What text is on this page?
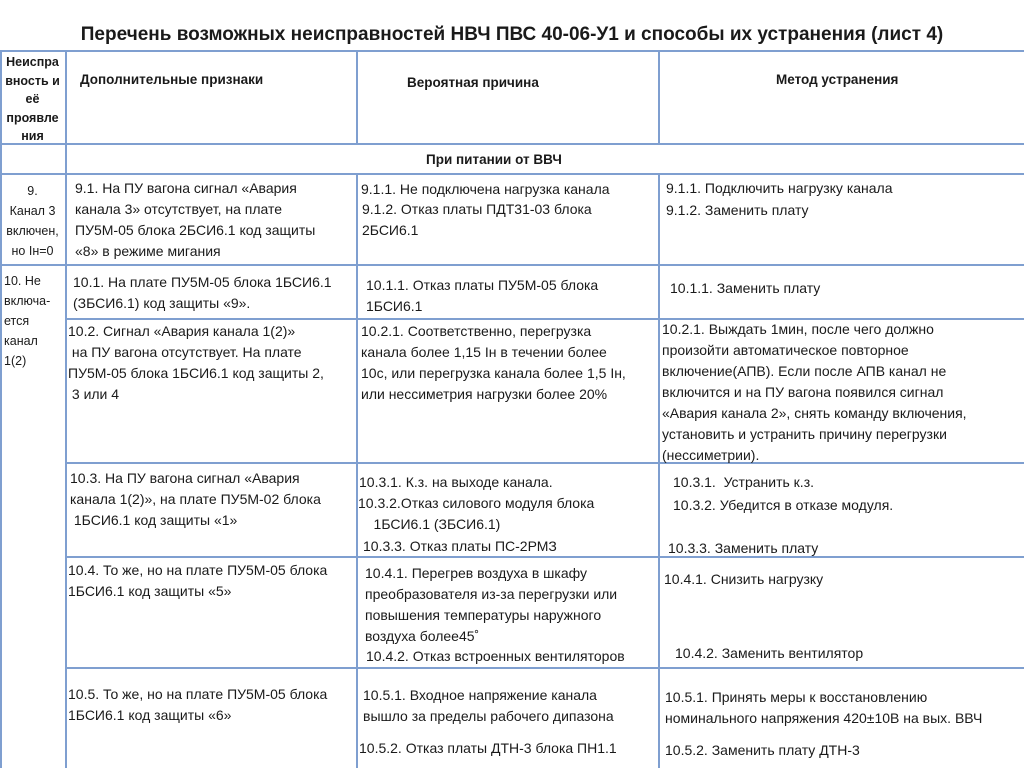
Перечень возможных неисправностей НВЧ ПВС 40-06-У1 и способы их устранения (лист 4)
Неиспра
вность и
её
проявле
ния
Дополнительные признаки	Вероятная причина	Метод устранения
При питании от ВВЧ
9.
Канал 3
включен,
но Iн=0
9.1. На ПУ вагона сигнал «Авария
канала 3» отсутствует, на плате
ПУ5М-05 блока 2БСИ6.1 код защиты
«8» в режиме мигания
9.1.1. Не подключена нагрузка канала
9.1.2. Отказ платы ПДТ31-03 блока
2БСИ6.1
9.1.1. Подключить нагрузку канала
9.1.2. Заменить плату
10. Не
включа-
ется
канал
1(2)
10.1. На плате ПУ5М-05 блока 1БСИ6.1
(ЗБСИ6.1) код защиты «9».
10.1.1. Отказ платы ПУ5М-05 блока
1БСИ6.1
10.1.1. Заменить плату
10.2. Сигнал «Авария канала 1(2)»
на ПУ вагона отсутствует. На плате
ПУ5М-05 блока 1БСИ6.1 код защиты 2,
3 или 4
10.2.1. Соответственно, перегрузка
канала более 1,15 Iн в течении более
10с, или перегрузка канала более 1,5 Iн,
или нессиметрия нагрузки более 20%
10.2.1. Выждать 1мин, после чего должно
произойти автоматическое повторное
включение(АПВ). Если после АПВ канал не
включится и на ПУ вагона появился сигнал
«Авария канала 2», снять команду включения,
установить и устранить причину перегрузки
(нессиметрии).
10.3. На ПУ вагона сигнал «Авария
канала 1(2)», на плате ПУ5М-02 блока
1БСИ6.1 код защиты «1»
10.3.1. К.з. на выходе канала.
10.3.2.Отказ силового модуля блока
1БСИ6.1 (ЗБСИ6.1)
10.3.3. Отказ платы ПС-2РМЗ
10.3.1.  Устранить к.з.
10.3.2. Убедится в отказе модуля.
10.3.3. Заменить плату
10.4. То же, но на плате ПУ5М-05 блока
1БСИ6.1 код защиты «5»
10.4.1. Перегрев воздуха в шкафу
преобразователя из-за перегрузки или
повышения температуры наружного
воздуха более45˚
10.4.2. Отказ встроенных вентиляторов
10.4.1. Снизить нагрузку
10.4.2. Заменить вентилятор
10.5. То же, но на плате ПУ5М-05 блока
1БСИ6.1 код защиты «6»
10.5.1. Входное напряжение канала
вышло за пределы рабочего дипазона
10.5.2. Отказ платы ДТН-3 блока ПН1.1
10.5.1. Принять меры к восстановлению
номинального напряжения 420±10В на вых. ВВЧ
10.5.2. Заменить плату ДТН-3
